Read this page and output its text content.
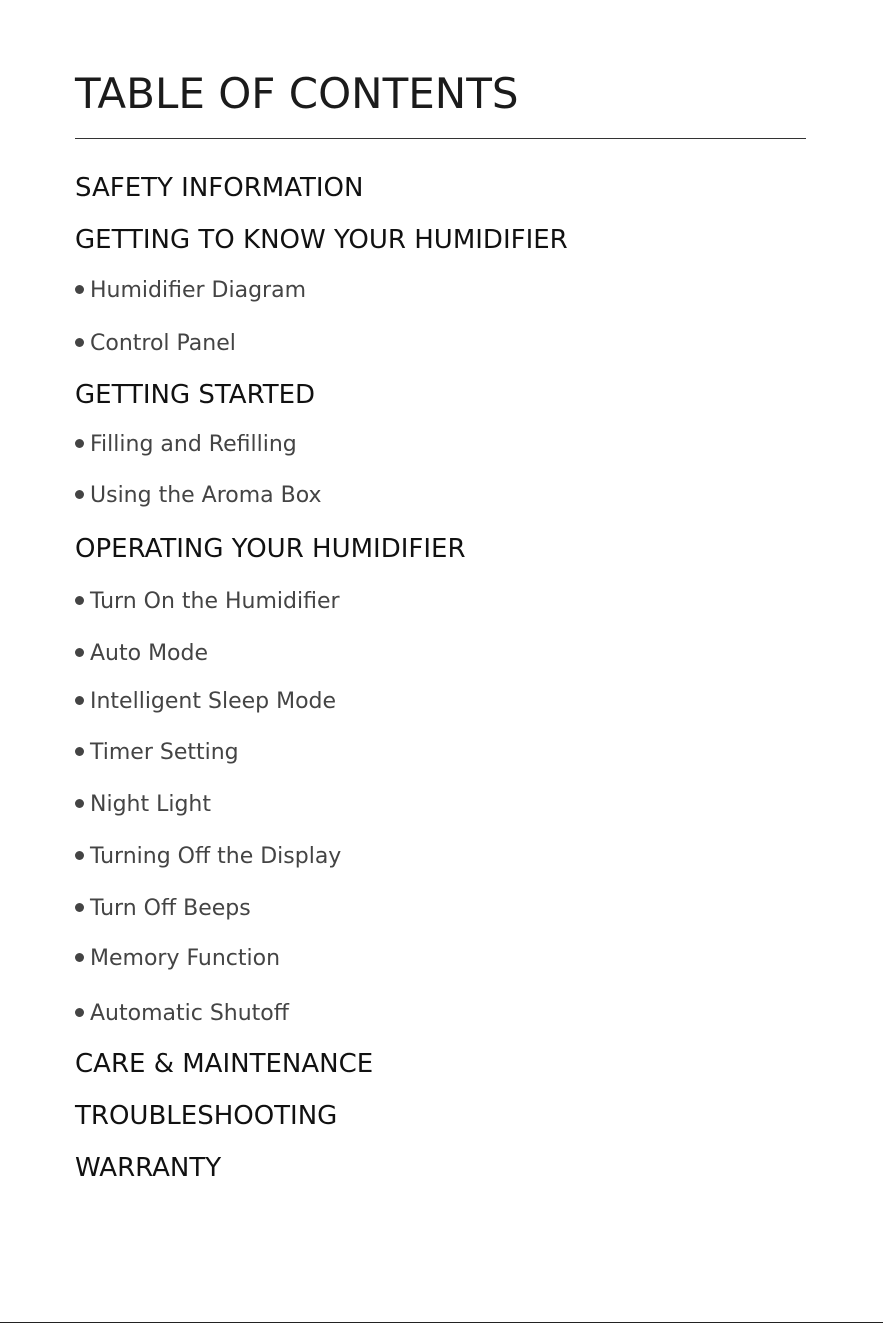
TABLE OF CONTENTS
SAFETY INFORMATION
GETTING TO KNOW YOUR HUMIDIFIER
Humidifier Diagram
Control Panel
GETTING STARTED
Filling and Refilling
Using the Aroma Box
OPERATING YOUR HUMIDIFIER
Turn On the Humidifier
Auto Mode
Intelligent Sleep Mode
Timer Setting
Night Light
Turning Off the Display
Turn Off Beeps
Memory Function
Automatic Shutoff
CARE & MAINTENANCE
TROUBLESHOOTING
WARRANTY
